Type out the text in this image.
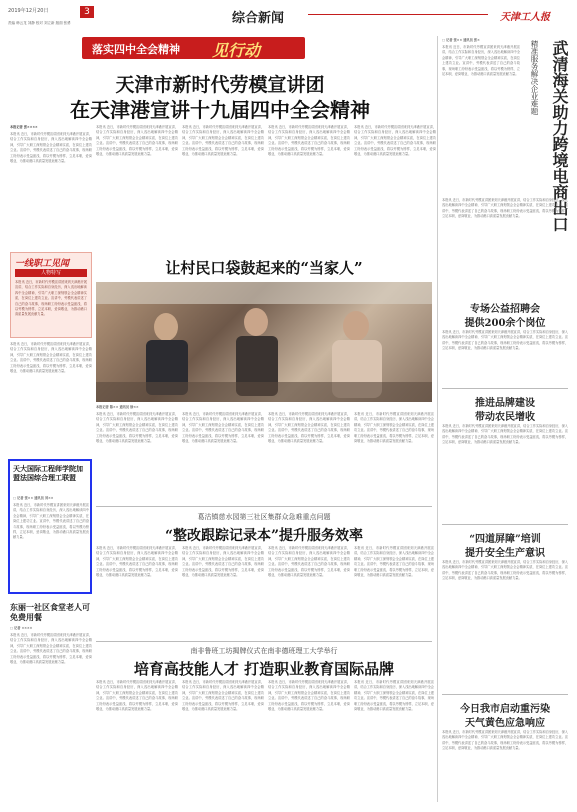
2019年12月20日	3
责编 韩云龙 刘静 校对 刘立新 版面 张勇	综合新闻	天津工人报
落实四中全会精神 见行动
天津市新时代劳模宣讲团
在天津港宣讲十九届四中全会精神
本报记者 张××××
本报讯 近日，市新时代劳模宣讲团来到天津港开展宣讲，结合工作实际和自身经历，深入浅出地解读四中全会精神，引导广大职工深刻领会全会精神实质，在岗位上建功立业。宣讲中，劳模代表讲述了自己的奋斗故事，现场职工纷纷表示受益匪浅，将以劳模为榜样，立足本职，爱岗敬业，为推动港口高质量发展贡献力量。
本报讯 近日，市新时代劳模宣讲团来到天津港开展宣讲，结合工作实际和自身经历，深入浅出地解读四中全会精神，引导广大职工深刻领会全会精神实质，在岗位上建功立业。宣讲中，劳模代表讲述了自己的奋斗故事，现场职工纷纷表示受益匪浅，将以劳模为榜样，立足本职，爱岗敬业，为推动港口高质量发展贡献力量。
本报讯 近日，市新时代劳模宣讲团来到天津港开展宣讲，结合工作实际和自身经历，深入浅出地解读四中全会精神，引导广大职工深刻领会全会精神实质，在岗位上建功立业。宣讲中，劳模代表讲述了自己的奋斗故事，现场职工纷纷表示受益匪浅，将以劳模为榜样，立足本职，爱岗敬业，为推动港口高质量发展贡献力量。
本报讯 近日，市新时代劳模宣讲团来到天津港开展宣讲，结合工作实际和自身经历，深入浅出地解读四中全会精神，引导广大职工深刻领会全会精神实质，在岗位上建功立业。宣讲中，劳模代表讲述了自己的奋斗故事，现场职工纷纷表示受益匪浅，将以劳模为榜样，立足本职，爱岗敬业，为推动港口高质量发展贡献力量。
本报讯 近日，市新时代劳模宣讲团来到天津港开展宣讲，结合工作实际和自身经历，深入浅出地解读四中全会精神，引导广大职工深刻领会全会精神实质，在岗位上建功立业。宣讲中，劳模代表讲述了自己的奋斗故事，现场职工纷纷表示受益匪浅，将以劳模为榜样，立足本职，爱岗敬业，为推动港口高质量发展贡献力量。
一线职工见闻
人物特写
本报讯 近日，市新时代劳模宣讲团来到天津港开展宣讲，结合工作实际和自身经历，深入浅出地解读四中全会精神，引导广大职工深刻领会全会精神实质，在岗位上建功立业。宣讲中，劳模代表讲述了自己的奋斗故事，现场职工纷纷表示受益匪浅，将以劳模为榜样，立足本职，爱岗敬业，为推动港口高质量发展贡献力量。
本报讯 近日，市新时代劳模宣讲团来到天津港开展宣讲，结合工作实际和自身经历，深入浅出地解读四中全会精神，引导广大职工深刻领会全会精神实质，在岗位上建功立业。宣讲中，劳模代表讲述了自己的奋斗故事，现场职工纷纷表示受益匪浅，将以劳模为榜样，立足本职，爱岗敬业，为推动港口高质量发展贡献力量。
让村民口袋鼓起来的“当家人”
本报记者 陈×× 通讯员 徐××
本报讯 近日，市新时代劳模宣讲团来到天津港开展宣讲，结合工作实际和自身经历，深入浅出地解读四中全会精神，引导广大职工深刻领会全会精神实质，在岗位上建功立业。宣讲中，劳模代表讲述了自己的奋斗故事，现场职工纷纷表示受益匪浅，将以劳模为榜样，立足本职，爱岗敬业，为推动港口高质量发展贡献力量。
本报讯 近日，市新时代劳模宣讲团来到天津港开展宣讲，结合工作实际和自身经历，深入浅出地解读四中全会精神，引导广大职工深刻领会全会精神实质，在岗位上建功立业。宣讲中，劳模代表讲述了自己的奋斗故事，现场职工纷纷表示受益匪浅，将以劳模为榜样，立足本职，爱岗敬业，为推动港口高质量发展贡献力量。
本报讯 近日，市新时代劳模宣讲团来到天津港开展宣讲，结合工作实际和自身经历，深入浅出地解读四中全会精神，引导广大职工深刻领会全会精神实质，在岗位上建功立业。宣讲中，劳模代表讲述了自己的奋斗故事，现场职工纷纷表示受益匪浅，将以劳模为榜样，立足本职，爱岗敬业，为推动港口高质量发展贡献力量。
本报讯 近日，市新时代劳模宣讲团来到天津港开展宣讲，结合工作实际和自身经历，深入浅出地解读四中全会精神，引导广大职工深刻领会全会精神实质，在岗位上建功立业。宣讲中，劳模代表讲述了自己的奋斗故事，现场职工纷纷表示受益匪浅，将以劳模为榜样，立足本职，爱岗敬业，为推动港口高质量发展贡献力量。
□ 记者 张×× 通讯员 张×
本报讯 近日，市新时代劳模宣讲团来到天津港开展宣讲，结合工作实际和自身经历，深入浅出地解读四中全会精神，引导广大职工深刻领会全会精神实质，在岗位上建功立业。宣讲中，劳模代表讲述了自己的奋斗故事，现场职工纷纷表示受益匪浅，将以劳模为榜样，立足本职，爱岗敬业，为推动港口高质量发展贡献力量。	精准服务解决企业难题 武清海关助力跨境电商出口
本报讯 近日，市新时代劳模宣讲团来到天津港开展宣讲，结合工作实际和自身经历，深入浅出地解读四中全会精神，引导广大职工深刻领会全会精神实质，在岗位上建功立业。宣讲中，劳模代表讲述了自己的奋斗故事，现场职工纷纷表示受益匪浅，将以劳模为榜样，立足本职，爱岗敬业，为推动港口高质量发展贡献力量。
专场公益招聘会
提供200余个岗位
本报讯 近日，市新时代劳模宣讲团来到天津港开展宣讲，结合工作实际和自身经历，深入浅出地解读四中全会精神，引导广大职工深刻领会全会精神实质，在岗位上建功立业。宣讲中，劳模代表讲述了自己的奋斗故事，现场职工纷纷表示受益匪浅，将以劳模为榜样，立足本职，爱岗敬业，为推动港口高质量发展贡献力量。
推进品牌建设
带动农民增收
本报讯 近日，市新时代劳模宣讲团来到天津港开展宣讲，结合工作实际和自身经历，深入浅出地解读四中全会精神，引导广大职工深刻领会全会精神实质，在岗位上建功立业。宣讲中，劳模代表讲述了自己的奋斗故事，现场职工纷纷表示受益匪浅，将以劳模为榜样，立足本职，爱岗敬业，为推动港口高质量发展贡献力量。
“四道屏障”培训
提升安全生产意识
本报讯 近日，市新时代劳模宣讲团来到天津港开展宣讲，结合工作实际和自身经历，深入浅出地解读四中全会精神，引导广大职工深刻领会全会精神实质，在岗位上建功立业。宣讲中，劳模代表讲述了自己的奋斗故事，现场职工纷纷表示受益匪浅，将以劳模为榜样，立足本职，爱岗敬业，为推动港口高质量发展贡献力量。
今日我市启动重污染
天气黄色应急响应
本报讯 近日，市新时代劳模宣讲团来到天津港开展宣讲，结合工作实际和自身经历，深入浅出地解读四中全会精神，引导广大职工深刻领会全会精神实质，在岗位上建功立业。宣讲中，劳模代表讲述了自己的奋斗故事，现场职工纷纷表示受益匪浅，将以劳模为榜样，立足本职，爱岗敬业，为推动港口高质量发展贡献力量。
天大国际工程师学院加盟法国综合理工联盟
□ 记者 张×× 通讯员 刘××
本报讯 近日，市新时代劳模宣讲团来到天津港开展宣讲，结合工作实际和自身经历，深入浅出地解读四中全会精神，引导广大职工深刻领会全会精神实质，在岗位上建功立业。宣讲中，劳模代表讲述了自己的奋斗故事，现场职工纷纷表示受益匪浅，将以劳模为榜样，立足本职，爱岗敬业，为推动港口高质量发展贡献力量。
东丽一社区食堂老人可免费用餐
□ 记者 ××××
本报讯 近日，市新时代劳模宣讲团来到天津港开展宣讲，结合工作实际和自身经历，深入浅出地解读四中全会精神，引导广大职工深刻领会全会精神实质，在岗位上建功立业。宣讲中，劳模代表讲述了自己的奋斗故事，现场职工纷纷表示受益匪浅，将以劳模为榜样，立足本职，爱岗敬业，为推动港口高质量发展贡献力量。
葛沽镇慈水园第三社区集群众急难重点问题
“整改跟踪记录本”提升服务效率
本报讯 近日，市新时代劳模宣讲团来到天津港开展宣讲，结合工作实际和自身经历，深入浅出地解读四中全会精神，引导广大职工深刻领会全会精神实质，在岗位上建功立业。宣讲中，劳模代表讲述了自己的奋斗故事，现场职工纷纷表示受益匪浅，将以劳模为榜样，立足本职，爱岗敬业，为推动港口高质量发展贡献力量。
本报讯 近日，市新时代劳模宣讲团来到天津港开展宣讲，结合工作实际和自身经历，深入浅出地解读四中全会精神，引导广大职工深刻领会全会精神实质，在岗位上建功立业。宣讲中，劳模代表讲述了自己的奋斗故事，现场职工纷纷表示受益匪浅，将以劳模为榜样，立足本职，爱岗敬业，为推动港口高质量发展贡献力量。
本报讯 近日，市新时代劳模宣讲团来到天津港开展宣讲，结合工作实际和自身经历，深入浅出地解读四中全会精神，引导广大职工深刻领会全会精神实质，在岗位上建功立业。宣讲中，劳模代表讲述了自己的奋斗故事，现场职工纷纷表示受益匪浅，将以劳模为榜样，立足本职，爱岗敬业，为推动港口高质量发展贡献力量。
本报讯 近日，市新时代劳模宣讲团来到天津港开展宣讲，结合工作实际和自身经历，深入浅出地解读四中全会精神，引导广大职工深刻领会全会精神实质，在岗位上建功立业。宣讲中，劳模代表讲述了自己的奋斗故事，现场职工纷纷表示受益匪浅，将以劳模为榜样，立足本职，爱岗敬业，为推动港口高质量发展贡献力量。
南非鲁班工坊揭牌仪式在南非德班理工大学举行
培育高技能人才 打造职业教育国际品牌
本报讯 近日，市新时代劳模宣讲团来到天津港开展宣讲，结合工作实际和自身经历，深入浅出地解读四中全会精神，引导广大职工深刻领会全会精神实质，在岗位上建功立业。宣讲中，劳模代表讲述了自己的奋斗故事，现场职工纷纷表示受益匪浅，将以劳模为榜样，立足本职，爱岗敬业，为推动港口高质量发展贡献力量。
本报讯 近日，市新时代劳模宣讲团来到天津港开展宣讲，结合工作实际和自身经历，深入浅出地解读四中全会精神，引导广大职工深刻领会全会精神实质，在岗位上建功立业。宣讲中，劳模代表讲述了自己的奋斗故事，现场职工纷纷表示受益匪浅，将以劳模为榜样，立足本职，爱岗敬业，为推动港口高质量发展贡献力量。
本报讯 近日，市新时代劳模宣讲团来到天津港开展宣讲，结合工作实际和自身经历，深入浅出地解读四中全会精神，引导广大职工深刻领会全会精神实质，在岗位上建功立业。宣讲中，劳模代表讲述了自己的奋斗故事，现场职工纷纷表示受益匪浅，将以劳模为榜样，立足本职，爱岗敬业，为推动港口高质量发展贡献力量。
本报讯 近日，市新时代劳模宣讲团来到天津港开展宣讲，结合工作实际和自身经历，深入浅出地解读四中全会精神，引导广大职工深刻领会全会精神实质，在岗位上建功立业。宣讲中，劳模代表讲述了自己的奋斗故事，现场职工纷纷表示受益匪浅，将以劳模为榜样，立足本职，爱岗敬业，为推动港口高质量发展贡献力量。
